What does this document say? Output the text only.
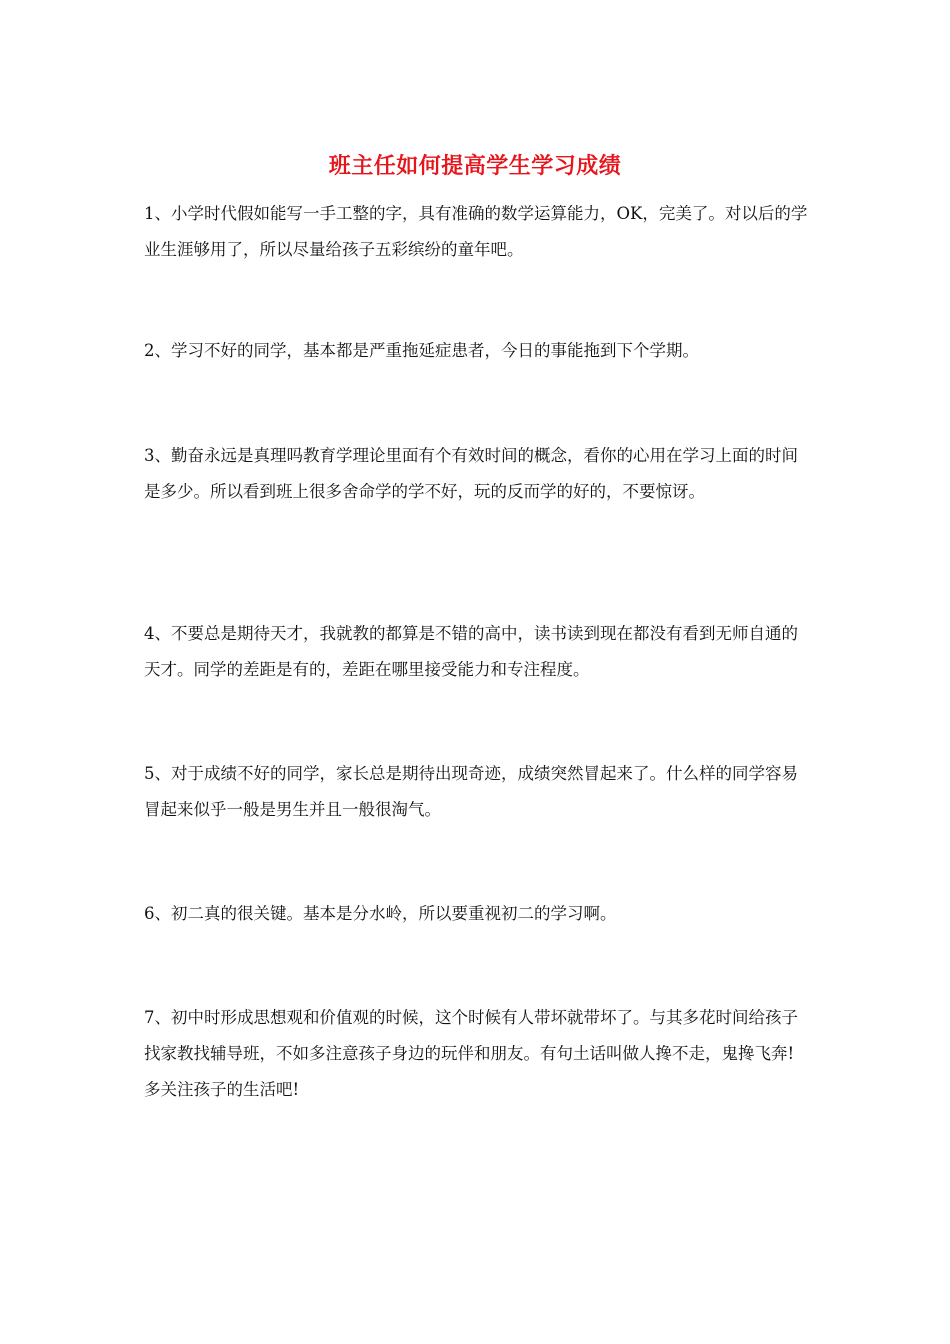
班主任如何提高学生学习成绩

1、小学时代假如能写一手工整的字，具有准确的数学运算能力，OK，完美了。对以后的学业生涯够用了，所以尽量给孩子五彩缤纷的童年吧。

2、学习不好的同学，基本都是严重拖延症患者，今日的事能拖到下个学期。

3、勤奋永远是真理吗教育学理论里面有个有效时间的概念，看你的心用在学习上面的时间是多少。所以看到班上很多舍命学的学不好，玩的反而学的好的，不要惊讶。

4、不要总是期待天才，我就教的都算是不错的高中，读书读到现在都没有看到无师自通的天才。同学的差距是有的，差距在哪里接受能力和专注程度。

5、对于成绩不好的同学，家长总是期待出现奇迹，成绩突然冒起来了。什么样的同学容易冒起来似乎一般是男生并且一般很淘气。

6、初二真的很关键。基本是分水岭，所以要重视初二的学习啊。

7、初中时形成思想观和价值观的时候，这个时候有人带坏就带坏了。与其多花时间给孩子找家教找辅导班，不如多注意孩子身边的玩伴和朋友。有句土话叫做人搀不走，鬼搀飞奔!多关注孩子的生活吧!
